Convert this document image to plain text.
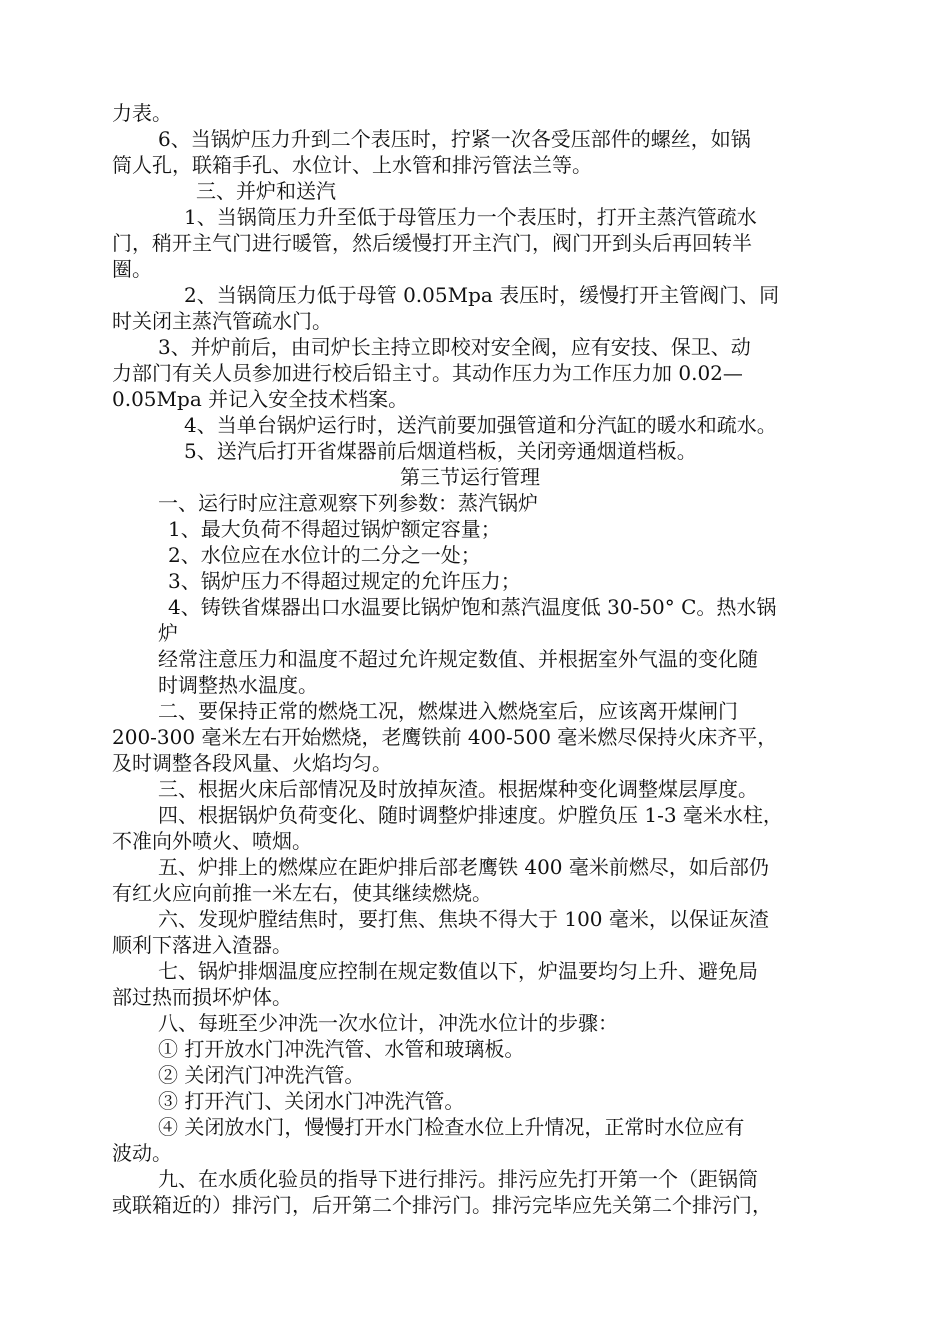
力表。
6、当锅炉压力升到二个表压时，拧紧一次各受压部件的螺丝，如锅
筒人孔，联箱手孔、水位计、上水管和排污管法兰等。
三、并炉和送汽
1、当锅筒压力升至低于母管压力一个表压时，打开主蒸汽管疏水
门，稍开主气门进行暖管，然后缓慢打开主汽门，阀门开到头后再回转半
圈。
2、当锅筒压力低于母管 0.05Mpa 表压时，缓慢打开主管阀门、同
时关闭主蒸汽管疏水门。
3、并炉前后，由司炉长主持立即校对安全阀，应有安技、保卫、动
力部门有关人员参加进行校后铅主寸。其动作压力为工作压力加 0.02—
0.05Mpa 并记入安全技术档案。
4、当单台锅炉运行时，送汽前要加强管道和分汽缸的暖水和疏水。
5、送汽后打开省煤器前后烟道档板，关闭旁通烟道档板。
第三节运行管理
一、运行时应注意观察下列参数：蒸汽锅炉
1、最大负荷不得超过锅炉额定容量；
2、水位应在水位计的二分之一处；
3、锅炉压力不得超过规定的允许压力；
4、铸铁省煤器出口水温要比锅炉饱和蒸汽温度低 30-50° C。热水锅
炉
经常注意压力和温度不超过允许规定数值、并根据室外气温的变化随
时调整热水温度。
二、要保持正常的燃烧工况，燃煤进入燃烧室后，应该离开煤闸门
200-300 毫米左右开始燃烧，老鹰铁前 400-500 毫米燃尽保持火床齐平，
及时调整各段风量、火焰均匀。
三、根据火床后部情况及时放掉灰渣。根据煤种变化调整煤层厚度。
四、根据锅炉负荷变化、随时调整炉排速度。炉膛负压 1-3 毫米水柱，
不准向外喷火、喷烟。
五、炉排上的燃煤应在距炉排后部老鹰铁 400 毫米前燃尽，如后部仍
有红火应向前推一米左右，使其继续燃烧。
六、发现炉膛结焦时，要打焦、焦块不得大于 100 毫米，以保证灰渣
顺利下落进入渣器。
七、锅炉排烟温度应控制在规定数值以下，炉温要均匀上升、避免局
部过热而损坏炉体。
八、每班至少冲洗一次水位计，冲洗水位计的步骤：
① 打开放水门冲洗汽管、水管和玻璃板。
② 关闭汽门冲洗汽管。
③ 打开汽门、关闭水门冲洗汽管。
④ 关闭放水门，慢慢打开水门检查水位上升情况，正常时水位应有
波动。
九、在水质化验员的指导下进行排污。排污应先打开第一个（距锅筒
或联箱近的）排污门，后开第二个排污门。排污完毕应先关第二个排污门，
